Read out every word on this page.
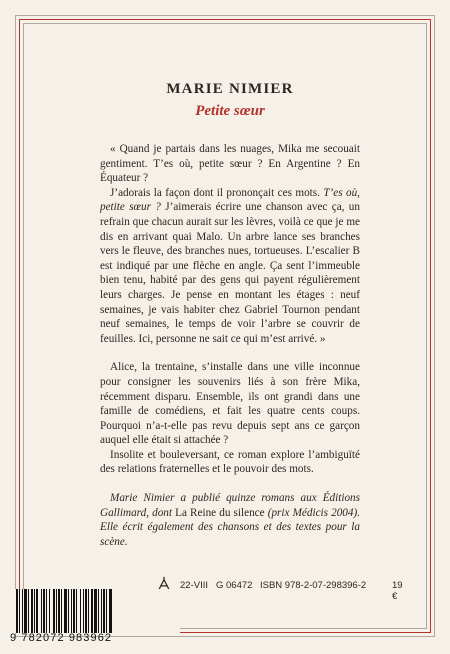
MARIE NIMIER
Petite sœur

« Quand je partais dans les nuages, Mika me secouait gentiment. T’es où, petite sœur ? En Argentine ? En Équateur ?

J’adorais la façon dont il prononçait ces mots. T’es où, petite sœur ? J’aimerais écrire une chanson avec ça, un refrain que chacun aurait sur les lèvres, voilà ce que je me dis en arrivant quai Malo. Un arbre lance ses branches vers le fleuve, des branches nues, tortueuses. L’escalier B est indiqué par une flèche en angle. Ça sent l’immeuble bien tenu, habité par des gens qui payent régulièrement leurs charges. Je pense en montant les étages : neuf semaines, je vais habiter chez Gabriel Tournon pendant neuf semaines, le temps de voir l’arbre se couvrir de feuilles. Ici, personne ne sait ce qui m’est arrivé. »

Alice, la trentaine, s’installe dans une ville inconnue pour consigner les souvenirs liés à son frère Mika, récemment disparu. Ensemble, ils ont grandi dans une famille de comédiens, et fait les quatre cents coups. Pourquoi n’a-t-elle pas revu depuis sept ans ce garçon auquel elle était si attachée ?

Insolite et bouleversant, ce roman explore l’ambiguïté des relations fraternelles et le pouvoir des mots.

Marie Nimier a publié quinze romans aux Éditions Gallimard, dont La Reine du silence (prix Médicis 2004). Elle écrit également des chansons et des textes pour la scène.

22-VIII G 06472 ISBN 978-2-07-298396-2	19 €
9 782072 983962
